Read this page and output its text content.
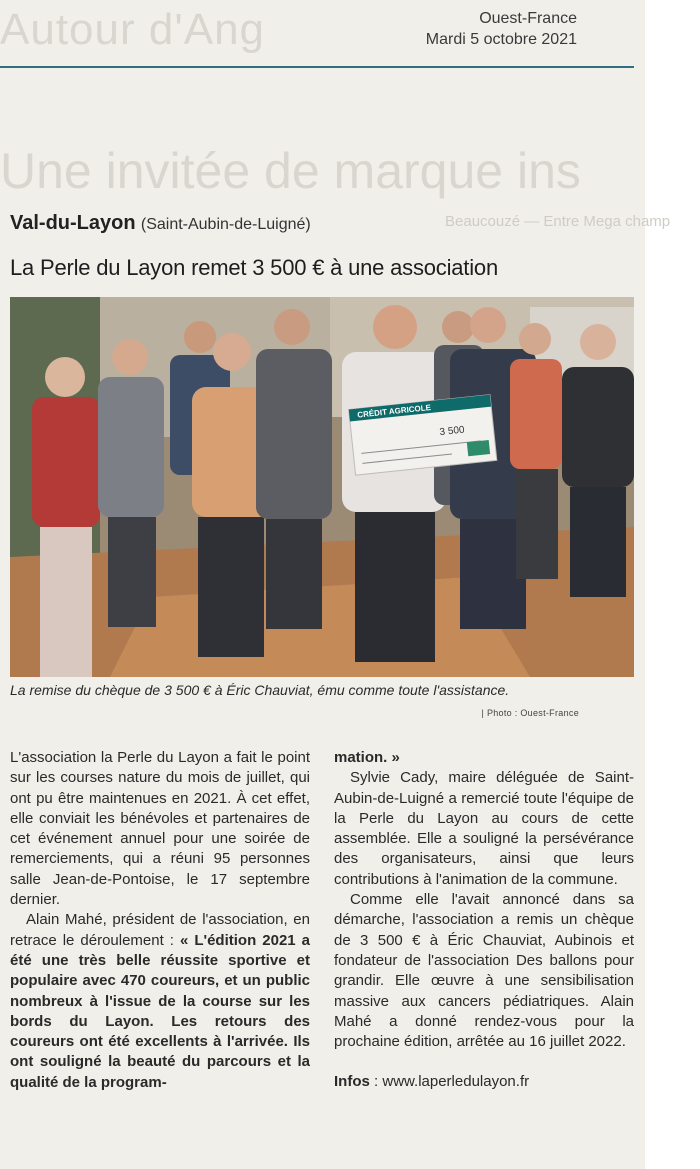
Autour d'Ang
Une invitée de marque ins
Beaucouzé — Entre Mega champ
Ouest-France
Mardi 5 octobre 2021
Val-du-Layon (Saint-Aubin-de-Luigné)
La Perle du Layon remet 3 500 € à une association
CRÉDIT AGRICOLE
3 500
La remise du chèque de 3 500 € à Éric Chauviat, ému comme toute l'assistance.
| Photo : Ouest-France

L'association la Perle du Layon a fait le point sur les courses nature du mois de juillet, qui ont pu être maintenues en 2021. À cet effet, elle conviait les bénévoles et partenaires de cet événement annuel pour une soirée de remerciements, qui a réuni 95 personnes salle Jean-de-Pontoise, le 17 septembre dernier.

Alain Mahé, président de l'association, en retrace le déroulement : « L'édition 2021 a été une très belle réussite sportive et populaire avec 470 coureurs, et un public nombreux à l'issue de la course sur les bords du Layon. Les retours des coureurs ont été excellents à l'arrivée. Ils ont souligné la beauté du parcours et la qualité de la program-

mation. »

Sylvie Cady, maire déléguée de Saint-Aubin-de-Luigné a remercié toute l'équipe de la Perle du Layon au cours de cette assemblée. Elle a souligné la persévérance des organisateurs, ainsi que leurs contributions à l'animation de la commune.

Comme elle l'avait annoncé dans sa démarche, l'association a remis un chèque de 3 500 € à Éric Chauviat, Aubinois et fondateur de l'association Des ballons pour grandir. Elle œuvre à une sensibilisation massive aux cancers pédiatriques. Alain Mahé a donné rendez-vous pour la prochaine édition, arrêtée au 16 juillet 2022.

Infos : www.laperledulayon.fr
